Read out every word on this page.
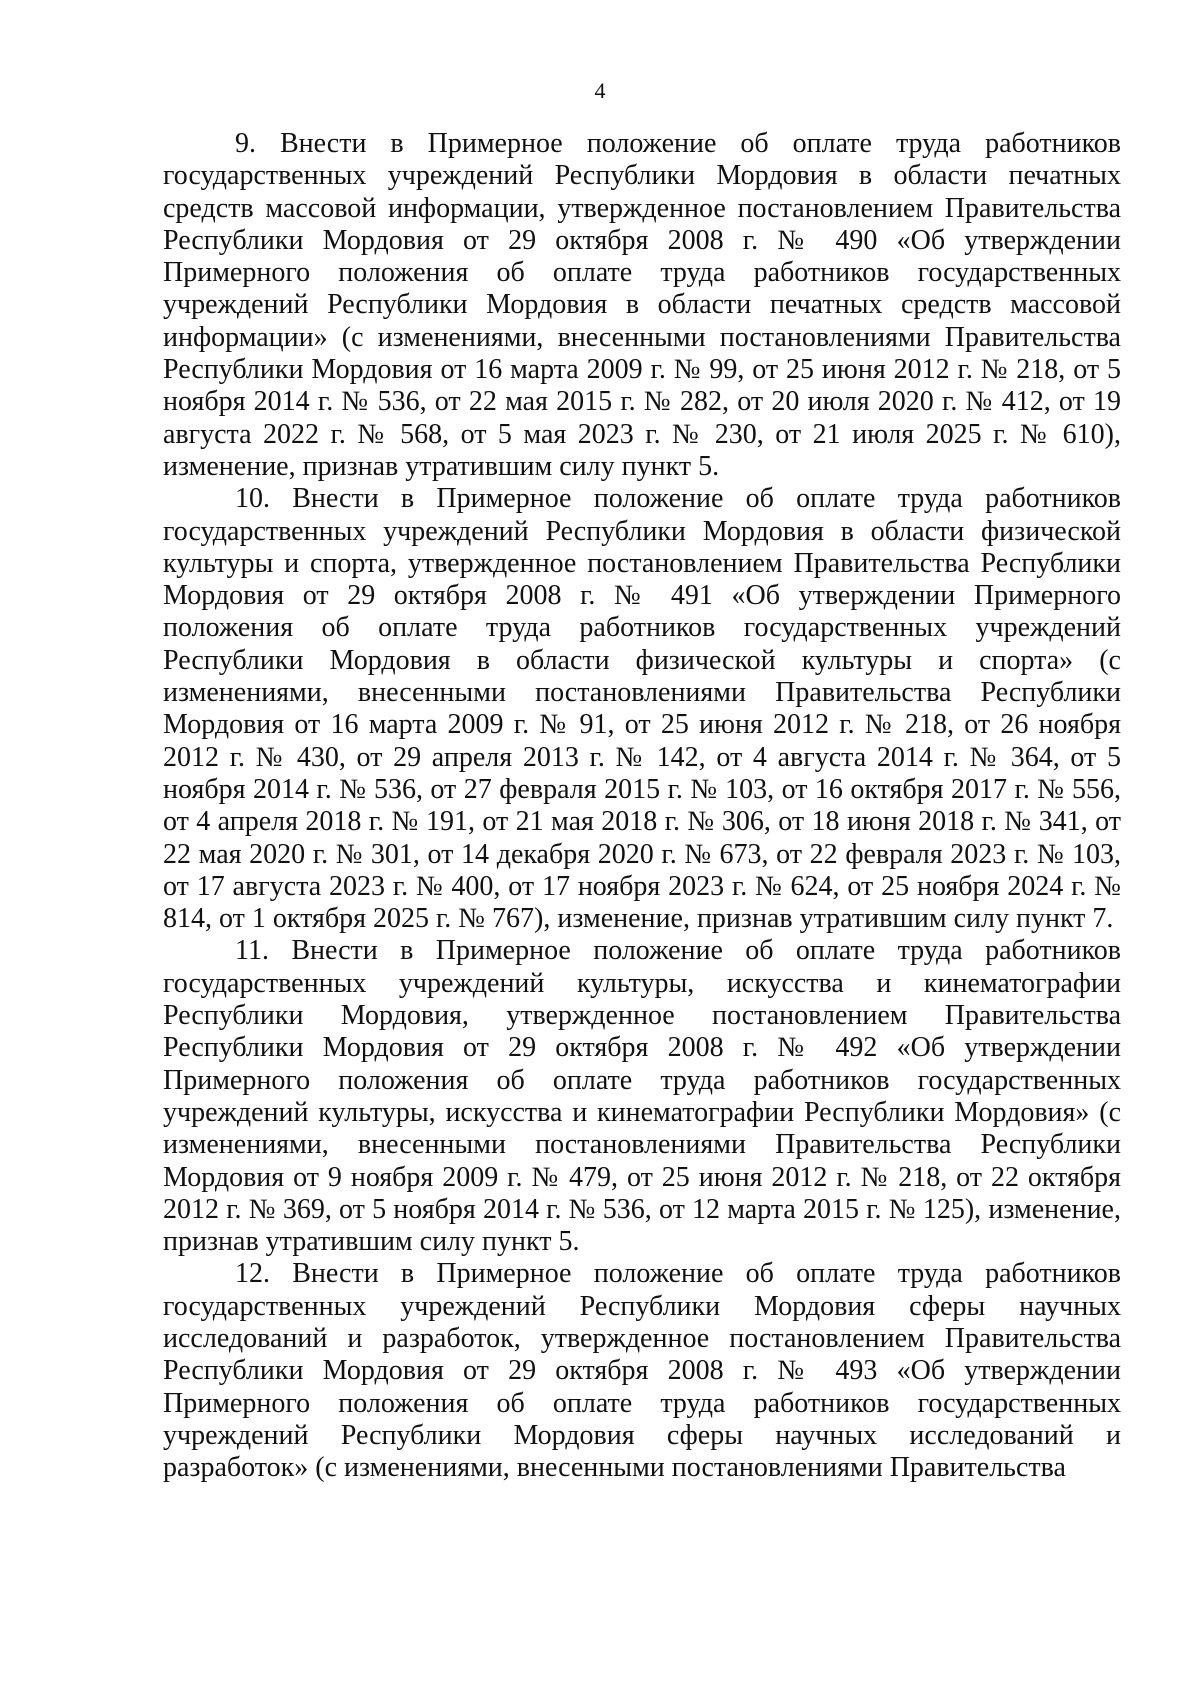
4

9. Внести в Примерное положение об оплате труда работников государственных учреждений Республики Мордовия в области печатных средств массовой информации, утвержденное постановлением Правительства Республики Мордовия от 29 октября 2008 г. № 490 «Об утверждении Примерного положения об оплате труда работников государственных учреждений Республики Мордовия в области печатных средств массовой информации» (с изменениями, внесенными постановлениями Правительства Республики Мордовия от 16 марта 2009 г. № 99, от 25 июня 2012 г. № 218, от 5 ноября 2014 г. № 536, от 22 мая 2015 г. № 282, от 20 июля 2020 г. № 412, от 19 августа 2022 г. № 568, от 5 мая 2023 г. № 230, от 21 июля 2025 г. № 610), изменение, признав утратившим силу пункт 5.

10. Внести в Примерное положение об оплате труда работников государственных учреждений Республики Мордовия в области физической культуры и спорта, утвержденное постановлением Правительства Республики Мордовия от 29 октября 2008 г. № 491 «Об утверждении Примерного положения об оплате труда работников государственных учреждений Республики Мордовия в области физической культуры и спорта» (с изменениями, внесенными постановлениями Правительства Республики Мордовия от 16 марта 2009 г. № 91, от 25 июня 2012 г. № 218, от 26 ноября 2012 г. № 430, от 29 апреля 2013 г. № 142, от 4 августа 2014 г. № 364, от 5 ноября 2014 г. № 536, от 27 февраля 2015 г. № 103, от 16 октября 2017 г. № 556, от 4 апреля 2018 г. № 191, от 21 мая 2018 г. № 306, от 18 июня 2018 г. № 341, от 22 мая 2020 г. № 301, от 14 декабря 2020 г. № 673, от 22 февраля 2023 г. № 103, от 17 августа 2023 г. № 400, от 17 ноября 2023 г. № 624, от 25 ноября 2024 г. № 814, от 1 октября 2025 г. № 767), изменение, признав утратившим силу пункт 7.

11. Внести в Примерное положение об оплате труда работников государственных учреждений культуры, искусства и кинематографии Республики Мордовия, утвержденное постановлением Правительства Республики Мордовия от 29 октября 2008 г. № 492 «Об утверждении Примерного положения об оплате труда работников государственных учреждений культуры, искусства и кинематографии Республики Мордовия» (с изменениями, внесенными постановлениями Правительства Республики Мордовия от 9 ноября 2009 г. № 479, от 25 июня 2012 г. № 218, от 22 октября 2012 г. № 369, от 5 ноября 2014 г. № 536, от 12 марта 2015 г. № 125), изменение, признав утратившим силу пункт 5.

12. Внести в Примерное положение об оплате труда работников государственных учреждений Республики Мордовия сферы научных исследований и разработок, утвержденное постановлением Правительства Республики Мордовия от 29 октября 2008 г. № 493 «Об утверждении Примерного положения об оплате труда работников государственных учреждений Республики Мордовия сферы научных исследований и разработок» (с изменениями, внесенными постановлениями Правительства
